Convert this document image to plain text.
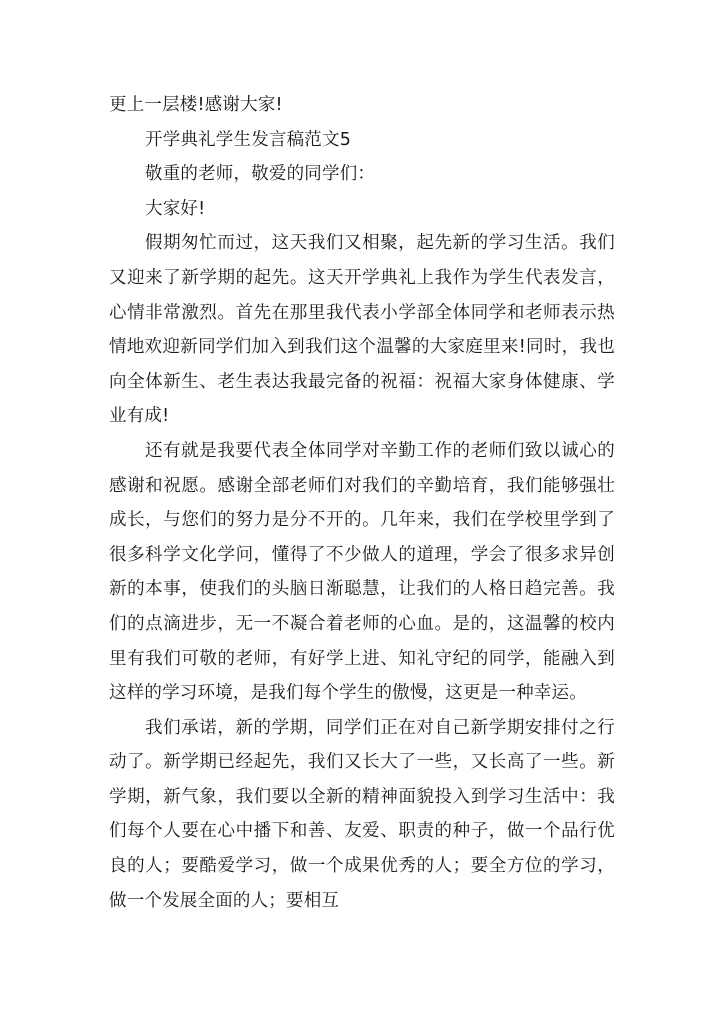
更上一层楼!感谢大家!

开学典礼学生发言稿范文5

敬重的老师，敬爱的同学们：

大家好!

假期匆忙而过，这天我们又相聚，起先新的学习生活。我们又迎来了新学期的起先。这天开学典礼上我作为学生代表发言，心情非常激烈。首先在那里我代表小学部全体同学和老师表示热情地欢迎新同学们加入到我们这个温馨的大家庭里来!同时，我也向全体新生、老生表达我最完备的祝福：祝福大家身体健康、学业有成!

还有就是我要代表全体同学对辛勤工作的老师们致以诚心的感谢和祝愿。感谢全部老师们对我们的辛勤培育，我们能够强壮成长，与您们的努力是分不开的。几年来，我们在学校里学到了很多科学文化学问，懂得了不少做人的道理，学会了很多求异创新的本事，使我们的头脑日渐聪慧，让我们的人格日趋完善。我们的点滴进步，无一不凝合着老师的心血。是的，这温馨的校内里有我们可敬的老师，有好学上进、知礼守纪的同学，能融入到这样的学习环境，是我们每个学生的傲慢，这更是一种幸运。

我们承诺，新的学期，同学们正在对自己新学期安排付之行动了。新学期已经起先，我们又长大了一些，又长高了一些。新学期，新气象，我们要以全新的精神面貌投入到学习生活中：我们每个人要在心中播下和善、友爱、职责的种子，做一个品行优良的人；要酷爱学习，做一个成果优秀的人；要全方位的学习，做一个发展全面的人；要相互
